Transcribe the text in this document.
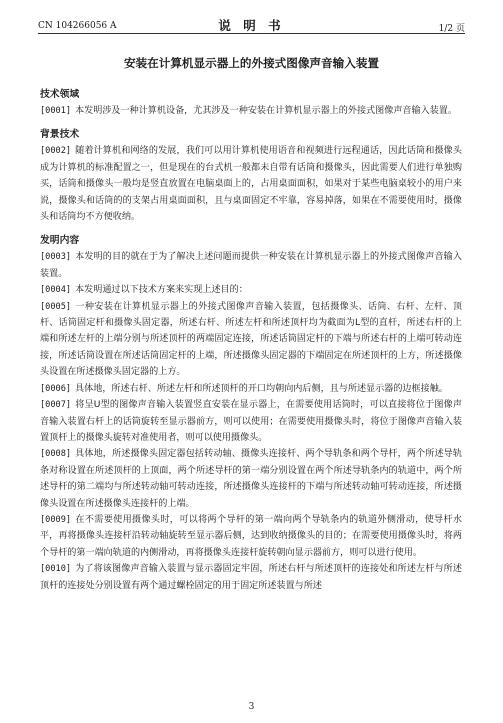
CN 104266056 A	说 明 书	1/2 页
安装在计算机显示器上的外接式图像声音输入装置
技术领域
[0001] 本发明涉及一种计算机设备，尤其涉及一种安装在计算机显示器上的外接式图像声音输入装置。
背景技术
[0002] 随着计算机和网络的发展，我们可以用计算机使用语音和视频进行远程通话，因此话筒和摄像头成为计算机的标准配置之一，但是现在的台式机一般都未自带有话筒和摄像头，因此需要人们进行单独购买，话筒和摄像头一般均是竖直放置在电脑桌面上的，占用桌面面积，如果对于某些电脑桌较小的用户来说，摄像头和话筒的的支架占用桌面面积，且与桌面固定不牢靠，容易掉落，如果在不需要使用时，摄像头和话筒均不方便收纳。
发明内容
[0003] 本发明的目的就在于为了解决上述问题而提供一种安装在计算机显示器上的外接式图像声音输入装置。
[0004] 本发明通过以下技术方案来实现上述目的：
[0005] 一种安装在计算机显示器上的外接式图像声音输入装置，包括摄像头、话筒、右杆、左杆、顶杆、话筒固定杆和摄像头固定器，所述右杆、所述左杆和所述顶杆均为截面为L型的直杆，所述右杆的上端和所述左杆的上端分别与所述顶杆的两端固定连接，所述话筒固定杆的下端与所述右杆的上端可转动连接，所述话筒设置在所述话筒固定杆的上端，所述摄像头固定器的下端固定在所述顶杆的上方，所述摄像头设置在所述摄像头固定器的上方。
[0006] 具体地，所述右杆、所述左杆和所述顶杆的开口均朝向内后侧，且与所述显示器的边框接触。
[0007] 将呈U型的图像声音输入装置竖直安装在显示器上，在需要使用话筒时，可以直接将位于图像声音输入装置右杆上的话筒旋转至显示器前方，则可以使用；在需要使用摄像头时，将位于图像声音输入装置顶杆上的摄像头旋转对准使用者，则可以使用摄像头。
[0008] 具体地，所述摄像头固定器包括转动轴、摄像头连接杆、两个导轨条和两个导杆，两个所述导轨条对称设置在所述顶杆的上顶面，两个所述导杆的第一端分别设置在两个所述导轨条内的轨道中，两个所述导杆的第二端均与所述转动轴可转动连接，所述摄像头连接杆的下端与所述转动轴可转动连接，所述摄像头设置在所述摄像头连接杆的上端。
[0009] 在不需要使用摄像头时，可以将两个导杆的第一端向两个导轨条内的轨道外侧滑动，使导杆水平，再将摄像头连接杆沿转动轴旋转至显示器后侧，达到收纳摄像头的目的；在需要使用摄像头时，将两个导杆的第一端向轨道的内侧滑动，再将摄像头连接杆旋转朝向显示器前方，则可以进行使用。
[0010] 为了将该图像声音输入装置与显示器固定牢固，所述右杆与所述顶杆的连接处和所述左杆与所述顶杆的连接处分别设置有两个通过螺栓固定的用于固定所述装置与所述
3
